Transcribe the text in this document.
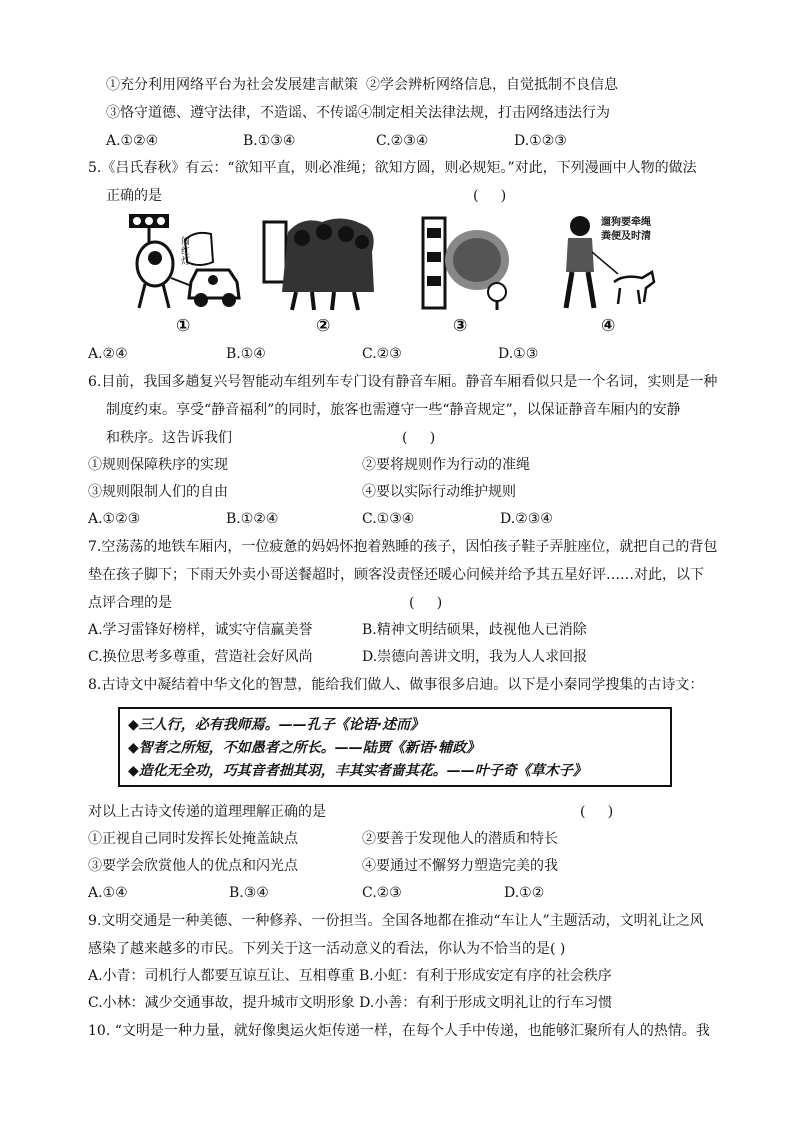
①充分利用网络平台为社会发展建言献策 ②学会辨析网络信息，自觉抵制不良信息
③恪守道德、遵守法律，不造谣、不传谣 ④制定相关法律法规，打击网络违法行为
A.①②④	B.①③④	C.②③④	D.①②③
5.《吕氏春秋》有云：“欲知平直，则必准绳；欲知方圆，则必规矩。”对此，下列漫画中人物的做法
正确的是	(     )
闯红灯
遛狗要牵绳
粪便及时清
①	②	③	④
A.②④	B.①④	C.②③	D.①③
6.目前，我国多趟复兴号智能动车组列车专门设有静音车厢。静音车厢看似只是一个名词，实则是一种
制度约束。享受“静音福利”的同时，旅客也需遵守一些“静音规定”，以保证静音车厢内的安静
和秩序。这告诉我们	(     )
①规则保障秩序的实现	②要将规则作为行动的准绳
③规则限制人们的自由	④要以实际行动维护规则
A.①②③	B.①②④	C.①③④	D.②③④
7.空荡荡的地铁车厢内，一位疲惫的妈妈怀抱着熟睡的孩子，因怕孩子鞋子弄脏座位，就把自己的背包
垫在孩子脚下；下雨天外卖小哥送餐超时，顾客没责怪还暖心问候并给予其五星好评……对此，以下
点评合理的是	(     )
A.学习雷锋好榜样，诚实守信赢美誉	B.精神文明结硕果，歧视他人已消除
C.换位思考多尊重，营造社会好风尚	D.崇德向善讲文明，我为人人求回报
8.古诗文中凝结着中华文化的智慧，能给我们做人、做事很多启迪。以下是小秦同学搜集的古诗文：
◆三人行，必有我师焉。——孔子《论语·述而》
◆智者之所短，不如愚者之所长。——陆贾《新语·辅政》
◆造化无全功，巧其音者拙其羽，丰其实者啬其花。——叶子奇《草木子》
对以上古诗文传递的道理理解正确的是	(     )
①正视自己同时发挥长处掩盖缺点	②要善于发现他人的潜质和特长
③要学会欣赏他人的优点和闪光点	④要通过不懈努力塑造完美的我
A.①④	B.③④	C.②③	D.①②
9.文明交通是一种美德、一种修养、一份担当。全国各地都在推动“车让人”主题活动，文明礼让之风
感染了越来越多的市民。下列关于这一活动意义的看法，你认为不恰当的是( )
A.小青：司机行人都要互谅互让、互相尊重 B.小虹：有利于形成安定有序的社会秩序
C.小林：减少交通事故，提升城市文明形象 D.小善：有利于形成文明礼让的行车习惯
10. “文明是一种力量，就好像奥运火炬传递一样，在每个人手中传递，也能够汇聚所有人的热情。我
